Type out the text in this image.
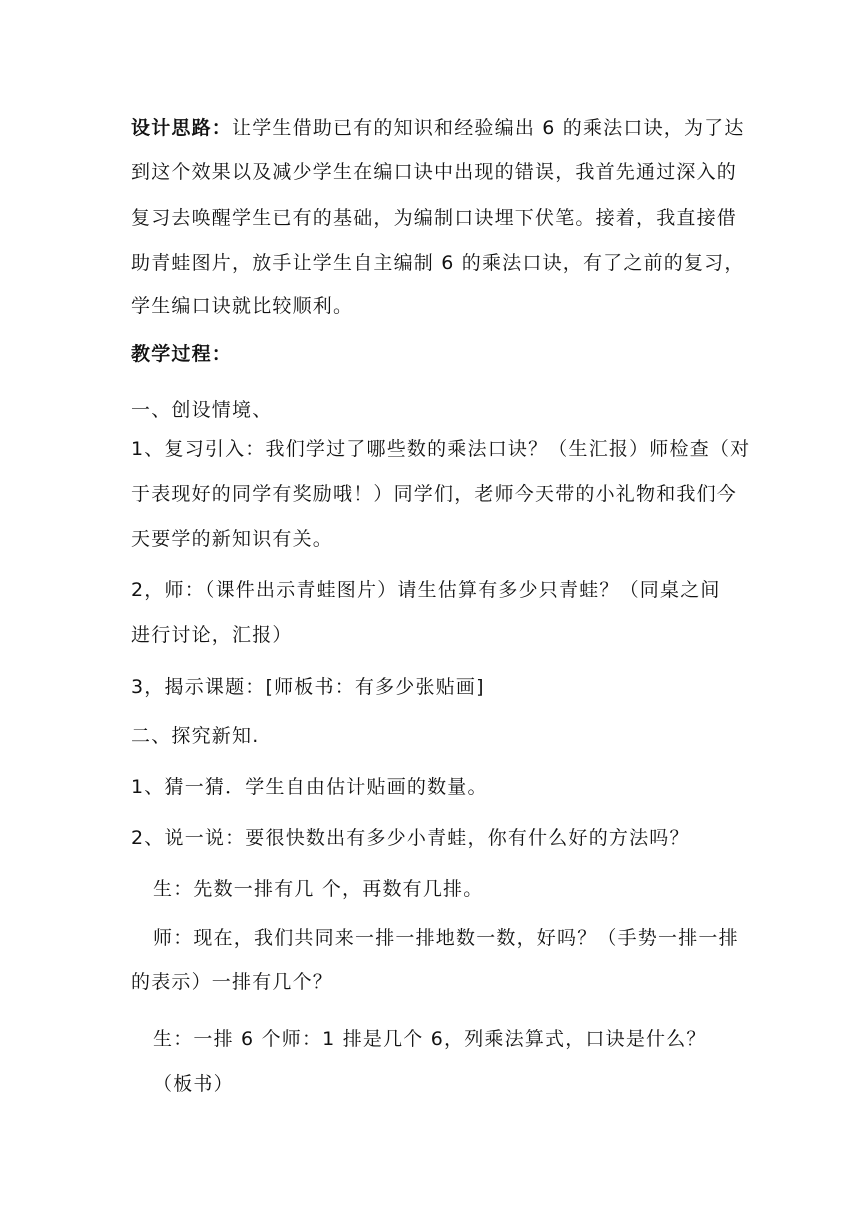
设计思路：让学生借助已有的知识和经验编出 6 的乘法口诀，为了达
到这个效果以及减少学生在编口诀中出现的错误，我首先通过深入的
复习去唤醒学生已有的基础，为编制口诀埋下伏笔。接着，我直接借
助青蛙图片，放手让学生自主编制 6 的乘法口诀，有了之前的复习，
学生编口诀就比较顺利。
教学过程：
一、创设情境、
1、复习引入：我们学过了哪些数的乘法口诀？（生汇报）师检查（对
于表现好的同学有奖励哦！）同学们，老师今天带的小礼物和我们今
天要学的新知识有关。
2，师：（课件出示青蛙图片）请生估算有多少只青蛙？（同桌之间
进行讨论，汇报）
3，揭示课题：[师板书：有多少张贴画]
二、探究新知.
1、猜一猜．学生自由估计贴画的数量。
2、说一说：要很快数出有多少小青蛙，你有什么好的方法吗？
生：先数一排有几 个，再数有几排。
师：现在，我们共同来一排一排地数一数，好吗？（手势一排一排
的表示）一排有几个？
生：一排 6 个师：1 排是几个 6，列乘法算式，口诀是什么？
（板书）
